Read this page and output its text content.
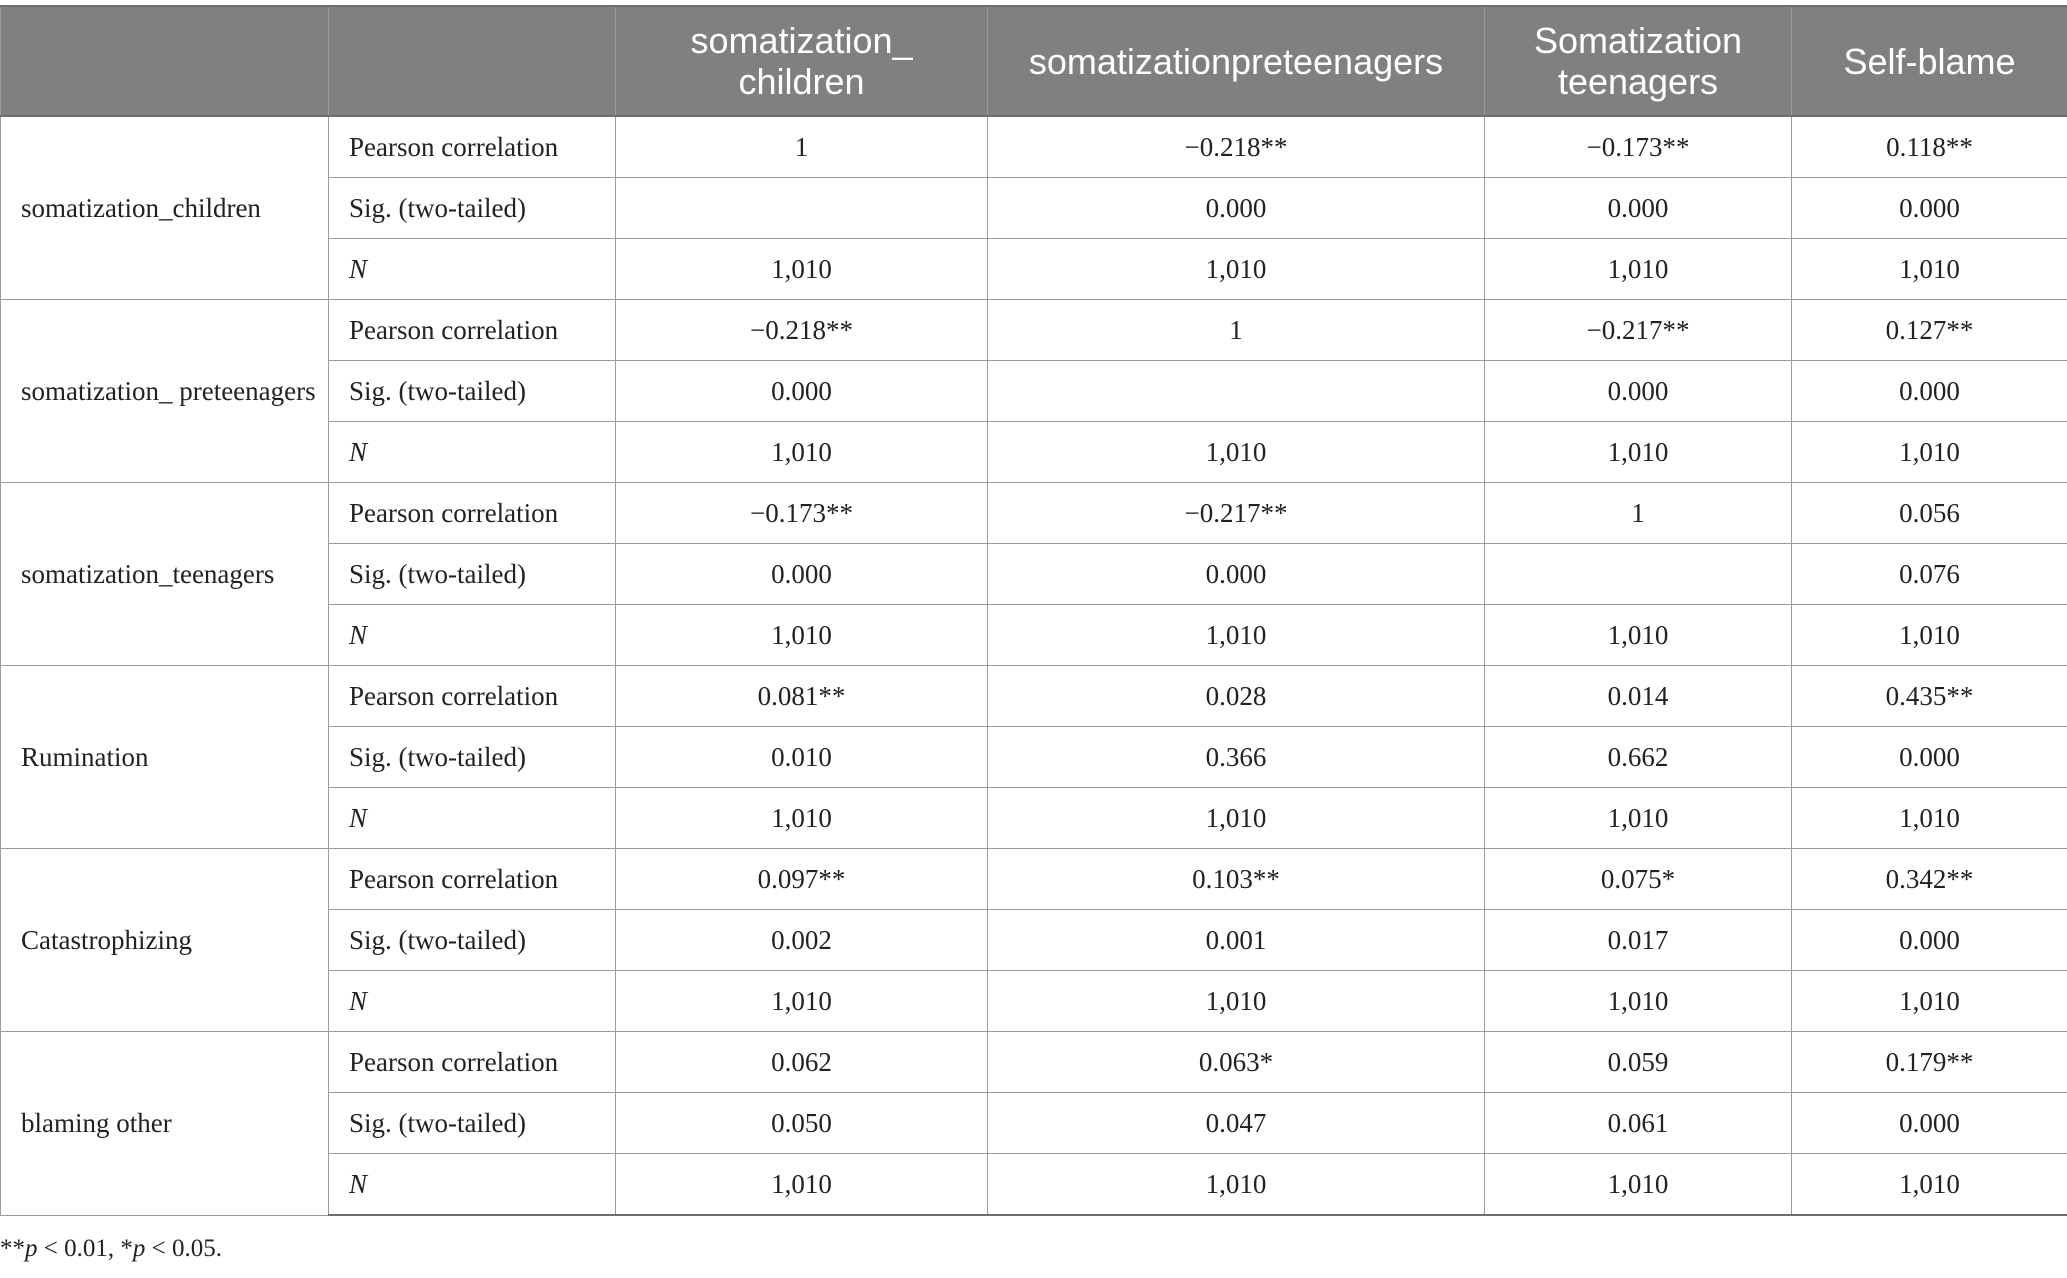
		somatization_ children	somatizationpreteenagers	Somatization teenagers	Self-blame
somatization_children	Pearson correlation	1	−0.218**	−0.173**	0.118**
	Sig. (two-tailed)		0.000	0.000	0.000
	N	1,010	1,010	1,010	1,010
somatization_ preteenagers	Pearson correlation	−0.218**	1	−0.217**	0.127**
	Sig. (two-tailed)	0.000		0.000	0.000
	N	1,010	1,010	1,010	1,010
somatization_teenagers	Pearson correlation	−0.173**	−0.217**	1	0.056
	Sig. (two-tailed)	0.000	0.000		0.076
	N	1,010	1,010	1,010	1,010
Rumination	Pearson correlation	0.081**	0.028	0.014	0.435**
	Sig. (two-tailed)	0.010	0.366	0.662	0.000
	N	1,010	1,010	1,010	1,010
Catastrophizing	Pearson correlation	0.097**	0.103**	0.075*	0.342**
	Sig. (two-tailed)	0.002	0.001	0.017	0.000
	N	1,010	1,010	1,010	1,010
blaming other	Pearson correlation	0.062	0.063*	0.059	0.179**
	Sig. (two-tailed)	0.050	0.047	0.061	0.000
	N	1,010	1,010	1,010	1,010
**p < 0.01, *p < 0.05.
